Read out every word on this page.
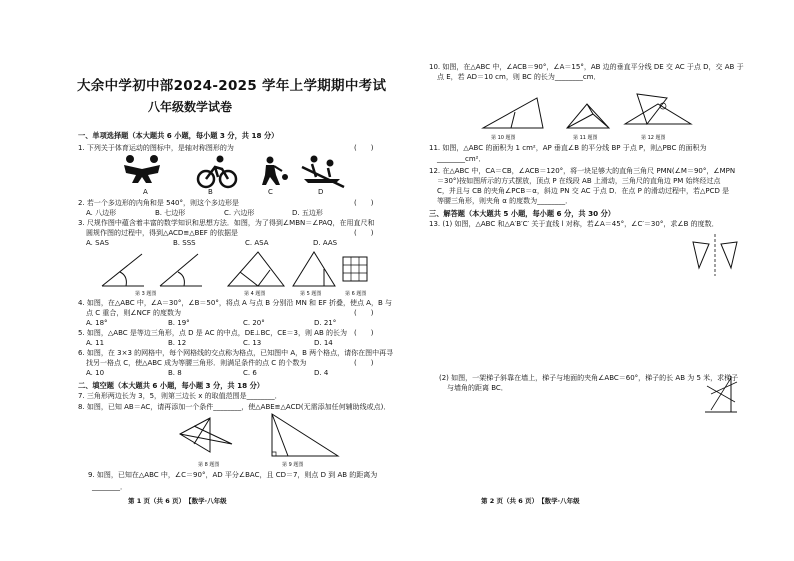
大余中学初中部2024-2025 学年上学期期中考试
八年级数学试卷
一、单项选择题（本大题共 6 小题，每小题 3 分，共 18 分）
1. 下列关于体育运动的图标中，是轴对称图形的为	(　　)
A	B	C	D
2. 若一个多边形的内角和是 540°，则这个多边形是	(　　)
A. 八边形	B. 七边形	C. 六边形	D. 五边形
3. 尺规作图中蕴含着丰富的数学知识和思想方法．如图，为了得到∠MBN＝∠PAQ，在用直尺和
圆规作图的过程中，得到△ACD≌△BEF 的依据是	(　　)
A. SAS	B. SSS	C. ASA	D. AAS
第 3 题图	第 4 题图	第 5 题图	第 6 题图
4. 如图，在△ABC 中，∠A＝30°，∠B＝50°，将点 A 与点 B 分别沿 MN 和 EF 折叠，使点 A，B 与
点 C 重合，则∠NCF 的度数为	(　　)
A. 18°	B. 19°	C. 20°	D. 21°
5. 如图，△ABC 是等边三角形，点 D 是 AC 的中点，DE⊥BC，CE＝3，则 AB 的长为 (　　)
A. 11	B. 12	C. 13	D. 14
6. 如图，在 3×3 的网格中，每个网格线的交点称为格点，已知图中 A，B 两个格点，请你在图中再寻
找另一格点 C，使△ABC 成为等腰三角形．则满足条件的点 C 的个数为	(　　)
A. 10	B. 8	C. 6	D. 4
二、填空题（本大题共 6 小题，每小题 3 分，共 18 分）
7. 三角形两边长为 3，5，则第三边长 x 的取值范围是________．
8. 如图，已知 AB＝AC，请再添加一个条件________，使△ABE≌△ACD(无需添加任何辅助线或点)．
第 8 题图	第 9 题图
9. 如图，已知在△ABC 中，∠C＝90°，AD 平分∠BAC，且 CD＝7，则点 D 到 AB 的距离为
________．
第 1 页（共 6 页）　【数学·八年级
10. 如图，在△ABC 中，∠ACB＝90°，∠A＝15°，AB 边的垂直平分线 DE 交 AC 于点 D，交 AB 于
点 E，若 AD＝10 cm，则 BC 的长为________cm．
第 10 题图	第 11 题图	第 12 题图
11. 如图，△ABC 的面积为 1 cm²，AP 垂直∠B 的平分线 BP 于点 P，则△PBC 的面积为
________cm²．
12. 在△ABC 中，CA＝CB，∠ACB＝120°，将一块足够大的直角三角尺 PMN(∠M＝90°，∠MPN
＝30°)按如图所示的方式摆放，顶点 P 在线段 AB 上滑动，三角尺的直角边 PM 始终经过点
C，并且与 CB 的夹角∠PCB＝α，斜边 PN 交 AC 于点 D．在点 P 的滑动过程中，若△PCD 是
等腰三角形，则夹角 α 的度数为________．
三、解答题（本大题共 5 小题，每小题 6 分，共 30 分）
13. (1) 如图，△ABC 和△A′B′C′ 关于直线 l 对称，若∠A＝45°，∠C′＝30°，求∠B 的度数．
(2) 如图，一架梯子斜靠在墙上，梯子与地面的夹角∠ABC＝60°，梯子的长 AB 为 5 米，求梯子
与墙角的距离 BC．
第 2 页（共 6 页）　【数学·八年级
